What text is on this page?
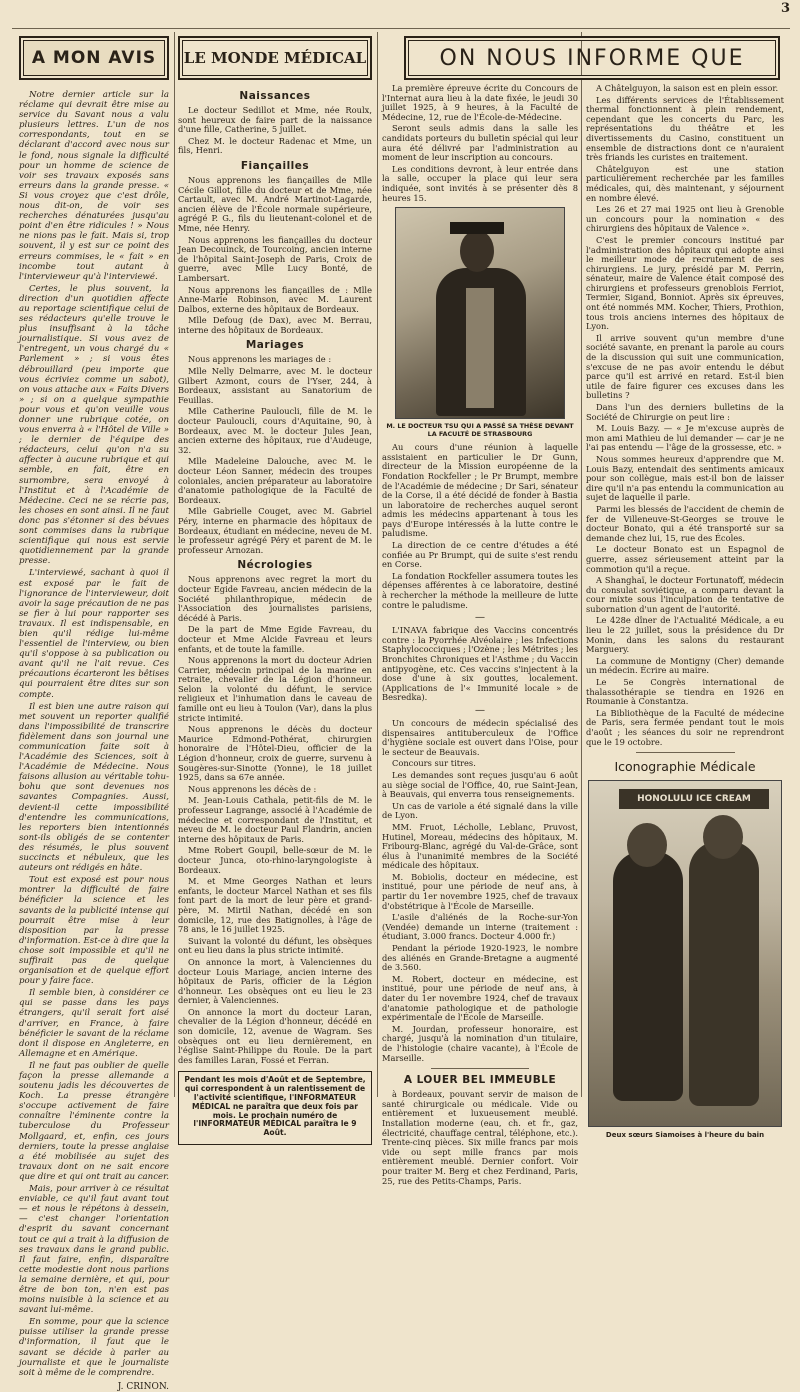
3
A MON AVIS

Notre dernier article sur la réclame qui devrait être mise au service du Savant nous a valu plusieurs lettres. L'un de nos correspondants, tout en se déclarant d'accord avec nous sur le fond, nous signale la difficulté pour un homme de science de voir ses travaux exposés sans erreurs dans la grande presse. « Si vous croyez que c'est drôle, nous dit-on, de voir ses recherches dénaturées jusqu'au point d'en être ridicules ! » Nous ne nions pas le fait. Mais si, trop souvent, il y est sur ce point des erreurs commises, le « fait » en incombe tout autant à l'intervieweur qu'à l'interviewé.

Certes, le plus souvent, la direction d'un quotidien affecte au reportage scientifique celui de ses rédacteurs qu'elle trouve le plus insuffisant à la tâche journalistique. Si vous avez de l'entregent, un vous chargé du « Parlement » ; si vous êtes débrouillard (peu importe que vous écriviez comme un sabot), on vous attache aux « Faits Divers » ; si on a quelque sympathie pour vous et qu'on veuille vous donner une rubrique cotée, on vous enverra à « l'Hôtel de Ville » ; le dernier de l'équipe des rédacteurs, celui qu'on n'a su affecter à aucune rubrique et qui semble, en fait, être en surnombre, sera envoyé à l'Institut et à l'Académie de Médecine. Ceci ne se récrie pas, les choses en sont ainsi. Il ne faut donc pas s'étonner si des bévues sont commises dans la rubrique scientifique qui nous est servie quotidiennement par la grande presse.

L'interviewé, sachant à quoi il est exposé par le fait de l'ignorance de l'intervieweur, doit avoir la sage précaution de ne pas se fier à lui pour rapporter ses travaux. Il est indispensable, en bien qu'il rédige lui-même l'essentiel de l'interview, ou bien qu'il s'oppose à sa publication ou avant qu'il ne l'ait revue. Ces précautions écarteront les bêtises qui pourraient être dites sur son compte.

Il est bien une autre raison qui met souvent un reporter qualifié dans l'impossibilité de transcrire fidèlement dans son journal une communication faite soit à l'Académie des Sciences, soit à l'Académie de Médecine. Nous faisons allusion au véritable tohu-bohu que sont devenues nos savantes Compagnies. Aussi, devient-il cette impossibilité d'entendre les communications, les reporters bien intentionnés sont-ils obligés de se contenter des résumés, le plus souvent succincts et nébuleux, que les auteurs ont rédigés en hâte.

Tout est exposé est pour nous montrer la difficulté de faire bénéficier la science et les savants de la publicité intense qui pourrait être mise à leur disposition par la presse d'information. Est-ce à dire que la chose soit impossible et qu'il ne suffirait pas de quelque organisation et de quelque effort pour y faire face.

Il semble bien, à considérer ce qui se passe dans les pays étrangers, qu'il serait fort aisé d'arriver, en France, à faire bénéficier le savant de la réclame dont il dispose en Angleterre, en Allemagne et en Amérique.

Il ne faut pas oublier de quelle façon la presse allemande a soutenu jadis les découvertes de Koch. La presse étrangère s'occupe activement de faire connaître l'éminente contre la tuberculose du Professeur Mollgaard, et, enfin, ces jours derniers, toute la presse anglaise a été mobilisée au sujet des travaux dont on ne sait encore que dire et qui ont trait au cancer.

Mais, pour arriver à ce résultat enviable, ce qu'il faut avant tout — et nous le répétons à dessein, — c'est changer l'orientation d'esprit du savant concernant tout ce qui a trait à la diffusion de ses travaux dans le grand public. Il faut faire, enfin, disparaître cette modestie dont nous parlions la semaine dernière, et qui, pour être de bon ton, n'en est pas moins nuisible à la science et au savant lui-même.

En somme, pour que la science puisse utiliser la grande presse d'information, il faut que le savant se décide à parler au journaliste et que le journaliste soit à même de le comprendre.

J. CRINON.
LE MONDE MÉDICAL
Naissances

Le docteur Sedillot et Mme, née Roulx, sont heureux de faire part de la naissance d'une fille, Catherine, 5 juillet.

Chez M. le docteur Radenac et Mme, un fils, Henri.

Fiançailles

Nous apprenons les fiançailles de Mlle Cécile Gillot, fille du docteur et de Mme, née Cartault, avec M. André Martinot-Lagarde, ancien élève de l'École normale supérieure, agrégé P. G., fils du lieutenant-colonel et de Mme, née Henry.

Nous apprenons les fiançailles du docteur Jean Decouinck, de Tourcoing, ancien interne de l'hôpital Saint-Joseph de Paris, Croix de guerre, avec Mlle Lucy Bonté, de Lambersart.

Nous apprenons les fiançailles de : Mlle Anne-Marie Robinson, avec M. Laurent Dalbos, externe des hôpitaux de Bordeaux.

Mlle Defoug (de Dax), avec M. Berrau, interne des hôpitaux de Bordeaux.

Mariages

Nous apprenons les mariages de :

Mlle Nelly Delmarre, avec M. le docteur Gilbert Azmont, cours de l'Yser, 244, à Bordeaux, assistant au Sanatorium de Feuillas.

Mlle Catherine Pauloucli, fille de M. le docteur Pauloucli, cours d'Aquitaine, 90, à Bordeaux, avec M. le docteur Jules Jean, ancien externe des hôpitaux, rue d'Audeuge, 32.

Mlle Madeleine Dalouche, avec M. le docteur Léon Sanner, médecin des troupes coloniales, ancien préparateur au laboratoire d'anatomie pathologique de la Faculté de Bordeaux.

Mlle Gabrielle Couget, avec M. Gabriel Péry, interne en pharmacie des hôpitaux de Bordeaux, étudiant en médecine, neveu de M. le professeur agrégé Péry et parent de M. le professeur Arnozan.

Nécrologies

Nous apprenons avec regret la mort du docteur Egide Favreau, ancien médecin de la Société philanthropique, médecin de l'Association des journalistes parisiens, décédé à Paris.

De la part de Mme Egide Favreau, du docteur et Mme Alcide Favreau et leurs enfants, et de toute la famille.

Nous apprenons la mort du docteur Adrien Carrier, médecin principal de la marine en retraite, chevalier de la Légion d'honneur. Selon la volonté du défunt, le service religieux et l'inhumation dans le caveau de famille ont eu lieu à Toulon (Var), dans la plus stricte intimité.

Nous apprenons le décès du docteur Maurice Edmond-Pothérat, chirurgien honoraire de l'Hôtel-Dieu, officier de la Légion d'honneur, croix de guerre, survenu à Sougères-sur-Sinotte (Yonne), le 18 juillet 1925, dans sa 67e année.

Nous apprenons les décès de :

M. Jean-Louis Cathala, petit-fils de M. le professeur Lagrange, associé à l'Académie de médecine et correspondant de l'Institut, et neveu de M. le docteur Paul Flandrin, ancien interne des hôpitaux de Paris.

Mme Robert Goupil, belle-sœur de M. le docteur Junca, oto-rhino-laryngologiste à Bordeaux.

M. et Mme Georges Nathan et leurs enfants, le docteur Marcel Nathan et ses fils font part de la mort de leur père et grand-père, M. Mirtil Nathan, décédé en son domicile, 12, rue des Batignolles, à l'âge de 78 ans, le 16 juillet 1925.

Suivant la volonté du défunt, les obsèques ont eu lieu dans la plus stricte intimité.

On annonce la mort, à Valenciennes du docteur Louis Mariage, ancien interne des hôpitaux de Paris, officier de la Légion d'honneur. Les obsèques ont eu lieu le 23 dernier, à Valenciennes.

On annonce la mort du docteur Laran, chevalier de la Légion d'honneur, décédé en son domicile, 12, avenue de Wagram. Ses obsèques ont eu lieu dernièrement, en l'église Saint-Philippe du Roule. De la part des familles Laran, Fossé et Ferran.

Pendant les mois d'Août et de Septembre, qui correspondent à un ralentissement de l'activité scientifique, l'INFORMATEUR MÉDICAL ne paraîtra que deux fois par mois. Le prochain numéro de l'INFORMATEUR MÉDICAL paraîtra le 9 Août.

ON NOUS INFORME QUE

La première épreuve écrite du Concours de l'Internat aura lieu à la date fixée, le jeudi 30 juillet 1925, à 9 heures, à la Faculté de Médecine, 12, rue de l'École-de-Médecine.

Seront seuls admis dans la salle les candidats porteurs du bulletin spécial qui leur aura été délivré par l'administration au moment de leur inscription au concours.

Les conditions devront, à leur entrée dans la salle, occuper la place qui leur sera indiquée, sont invités à se présenter dès 8 heures 15.

M. LE DOCTEUR TSU QUI A PASSÉ SA THÈSE DEVANT LA FACULTÉ DE STRASBOURG

Au cours d'une réunion à laquelle assistaient en particulier le Dr Gunn, directeur de la Mission européenne de la Fondation Rockfeller ; le Pr Brumpt, membre de l'Académie de médecine ; Dr Sari, sénateur de la Corse, il a été décidé de fonder à Bastia un laboratoire de recherches auquel seront admis les médecins appartenant à tous les pays d'Europe intéressés à la lutte contre le paludisme.

La direction de ce centre d'études a été confiée au Pr Brumpt, qui de suite s'est rendu en Corse.

La fondation Rockfeller assumera toutes les dépenses afférentes à ce laboratoire, destiné à rechercher la méthode la meilleure de lutte contre le paludisme.

—

L'INAVA fabrique des Vaccins concentrés contre : la Pyorrhée Alvéolaire ; les Infections Staphylococciques ; l'Ozène ; les Métrites ; les Bronchites Chroniques et l'Asthme ; du Vaccin antipyogène, etc. Ces vaccins s'injectent à la dose d'une à six gouttes, localement. (Applications de l'« Immunité locale » de Besredka).

—

Un concours de médecin spécialisé des dispensaires antituberculeux de l'Office d'hygiène sociale est ouvert dans l'Oise, pour le secteur de Beauvais.

Concours sur titres.

Les demandes sont reçues jusqu'au 6 août au siège social de l'Office, 40, rue Saint-Jean, à Beauvais, qui enverra tous renseignements.

Un cas de variole a été signalé dans la ville de Lyon.

MM. Fruot, Lécholle, Leblanc, Pruvost, Hutinel, Moreau, médecins des hôpitaux, M. Fribourg-Blanc, agrégé du Val-de-Grâce, sont élus à l'unanimité membres de la Société médicale des hôpitaux.

M. Bobiolis, docteur en médecine, est institué, pour une période de neuf ans, à partir du 1er novembre 1925, chef de travaux d'obstétrique à l'École de Marseille.

L'asile d'aliénés de la Roche-sur-Yon (Vendée) demande un interne (traitement : étudiant, 3.000 francs. Docteur 4.000 fr.)

Pendant la période 1920-1923, le nombre des aliénés en Grande-Bretagne a augmenté de 3.560.

M. Robert, docteur en médecine, est institué, pour une période de neuf ans, à dater du 1er novembre 1924, chef de travaux d'anatomie pathologique et de pathologie expérimentale de l'École de Marseille.

M. Jourdan, professeur honoraire, est chargé, jusqu'à la nomination d'un titulaire, de l'histologie (chaire vacante), à l'École de Marseille.

A LOUER BEL IMMEUBLE

à Bordeaux, pouvant servir de maison de santé chirurgicale ou médicale. Vide ou entièrement et luxueusement meublé. Installation moderne (eau, ch. et fr., gaz, électricité, chauffage central, téléphone, etc.). Trente-cinq pièces. Six mille francs par mois vide ou sept mille francs par mois entièrement meublé. Dernier confort. Voir pour traiter M. Berg et chez Ferdinand, Paris, 25, rue des Petits-Champs, Paris.

A Châtelguyon, la saison est en plein essor.

Les différents services de l'Établissement thermal fonctionnent à plein rendement, cependant que les concerts du Parc, les représentations du théâtre et les divertissements du Casino, constituent un ensemble de distractions dont ce n'auraient très friands les curistes en traitement.

Châtelguyon est une station particulièrement recherchée par les familles médicales, qui, dès maintenant, y séjournent en nombre élevé.

Les 26 et 27 mai 1925 ont lieu à Grenoble un concours pour la nomination « des chirurgiens des hôpitaux de Valence ».

C'est le premier concours institué par l'administration des hôpitaux qui adopte ainsi le meilleur mode de recrutement de ses chirurgiens. Le jury, présidé par M. Perrin, sénateur, maire de Valence était composé des chirurgiens et professeurs grenoblois Ferriot, Termier, Sigand, Bonniot. Après six épreuves, ont été nommés MM. Kocher, Thiers, Prothion, tous trois anciens internes des hôpitaux de Lyon.

Il arrive souvent qu'un membre d'une société savante, en prenant la parole au cours de la discussion qui suit une communication, s'excuse de ne pas avoir entendu le début parce qu'il est arrivé en retard. Est-il bien utile de faire figurer ces excuses dans les bulletins ?

Dans l'un des derniers bulletins de la Société de Chirurgie on peut lire :

M. Louis Bazy. — « Je m'excuse auprès de mon ami Mathieu de lui demander — car je ne l'ai pas entendu — l'âge de la grossesse, etc. »

Nous sommes heureux d'apprendre que M. Louis Bazy, entendait des sentiments amicaux pour son collègue, mais est-il bon de laisser dire qu'il n'a pas entendu la communication au sujet de laquelle il parle.

Parmi les blessés de l'accident de chemin de fer de Villeneuve-St-Georges se trouve le docteur Bonato, qui a été transporté sur sa demande chez lui, 15, rue des Écoles.

Le docteur Bonato est un Espagnol de guerre, assez sérieusement atteint par la commotion qu'il a reçue.

A Shanghaï, le docteur Fortunatoff, médecin du consulat soviétique, a comparu devant la cour mixte sous l'inculpation de tentative de subornation d'un agent de l'autorité.

Le 428e dîner de l'Actualité Médicale, a eu lieu le 22 juillet, sous la présidence du Dr Monin, dans les salons du restaurant Marguery.

La commune de Montigny (Cher) demande un médecin. Écrire au maire.

Le 5e Congrès international de thalassothérapie se tiendra en 1926 en Roumanie à Constantza.

La Bibliothèque de la Faculté de médecine de Paris, sera fermée pendant tout le mois d'août ; les séances du soir ne reprendront que le 19 octobre.

Iconographie Médicale
HONOLULU ICE CREAM
Deux sœurs Siamoises à l'heure du bain
